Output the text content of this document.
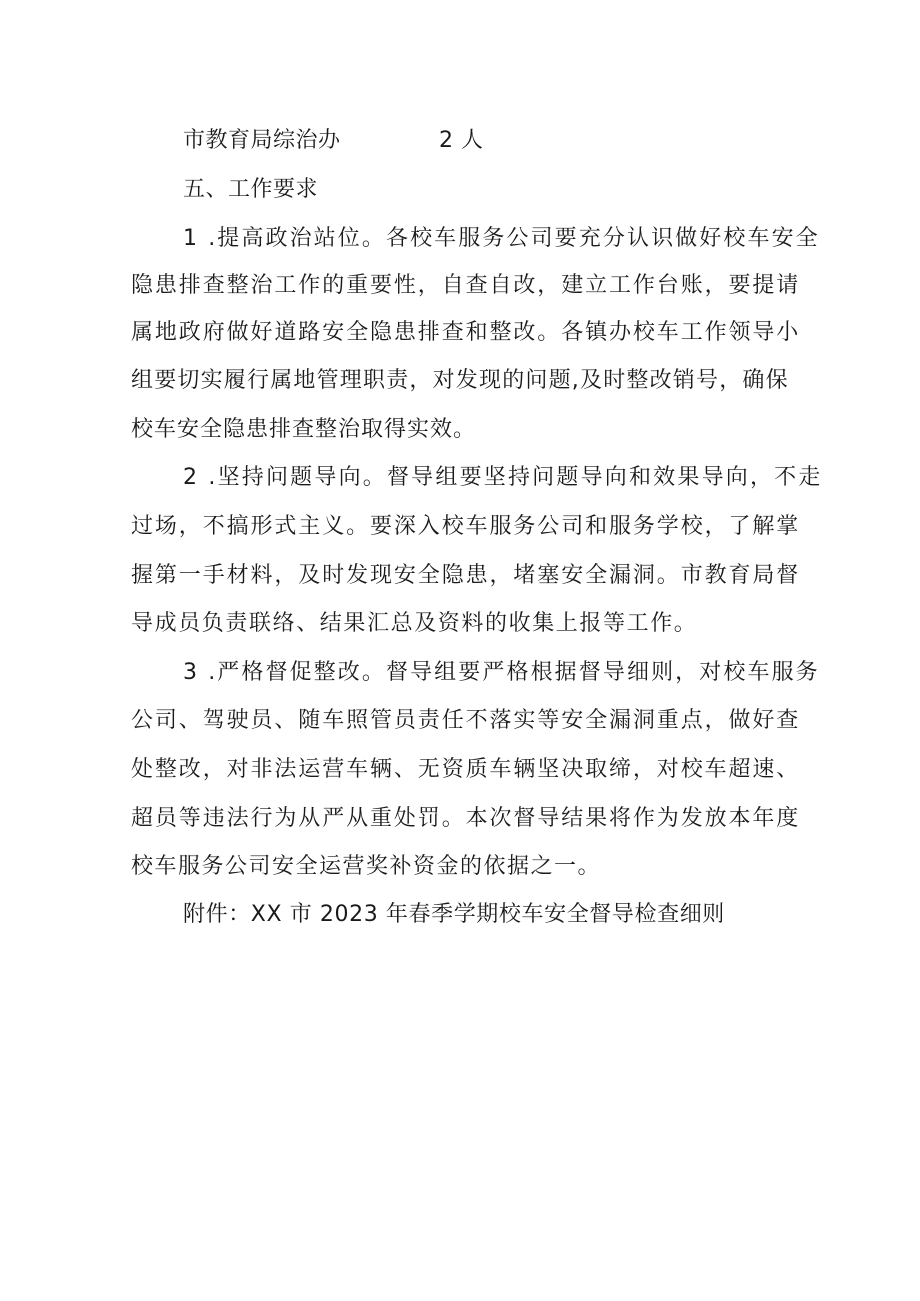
市教育局综治办	2 人
五、工作要求
1 .提高政治站位。各校车服务公司要充分认识做好校车安全
隐患排查整治工作的重要性，自查自改，建立工作台账，要提请
属地政府做好道路安全隐患排查和整改。各镇办校车工作领导小
组要切实履行属地管理职责，对发现的问题,及时整改销号，确保
校车安全隐患排查整治取得实效。
2 .坚持问题导向。督导组要坚持问题导向和效果导向，不走
过场，不搞形式主义。要深入校车服务公司和服务学校，了解掌
握第一手材料，及时发现安全隐患，堵塞安全漏洞。市教育局督
导成员负责联络、结果汇总及资料的收集上报等工作。
3 .严格督促整改。督导组要严格根据督导细则，对校车服务
公司、驾驶员、随车照管员责任不落实等安全漏洞重点，做好查
处整改，对非法运营车辆、无资质车辆坚决取缔，对校车超速、
超员等违法行为从严从重处罚。本次督导结果将作为发放本年度
校车服务公司安全运营奖补资金的依据之一。
附件：XX 市 2023 年春季学期校车安全督导检查细则
